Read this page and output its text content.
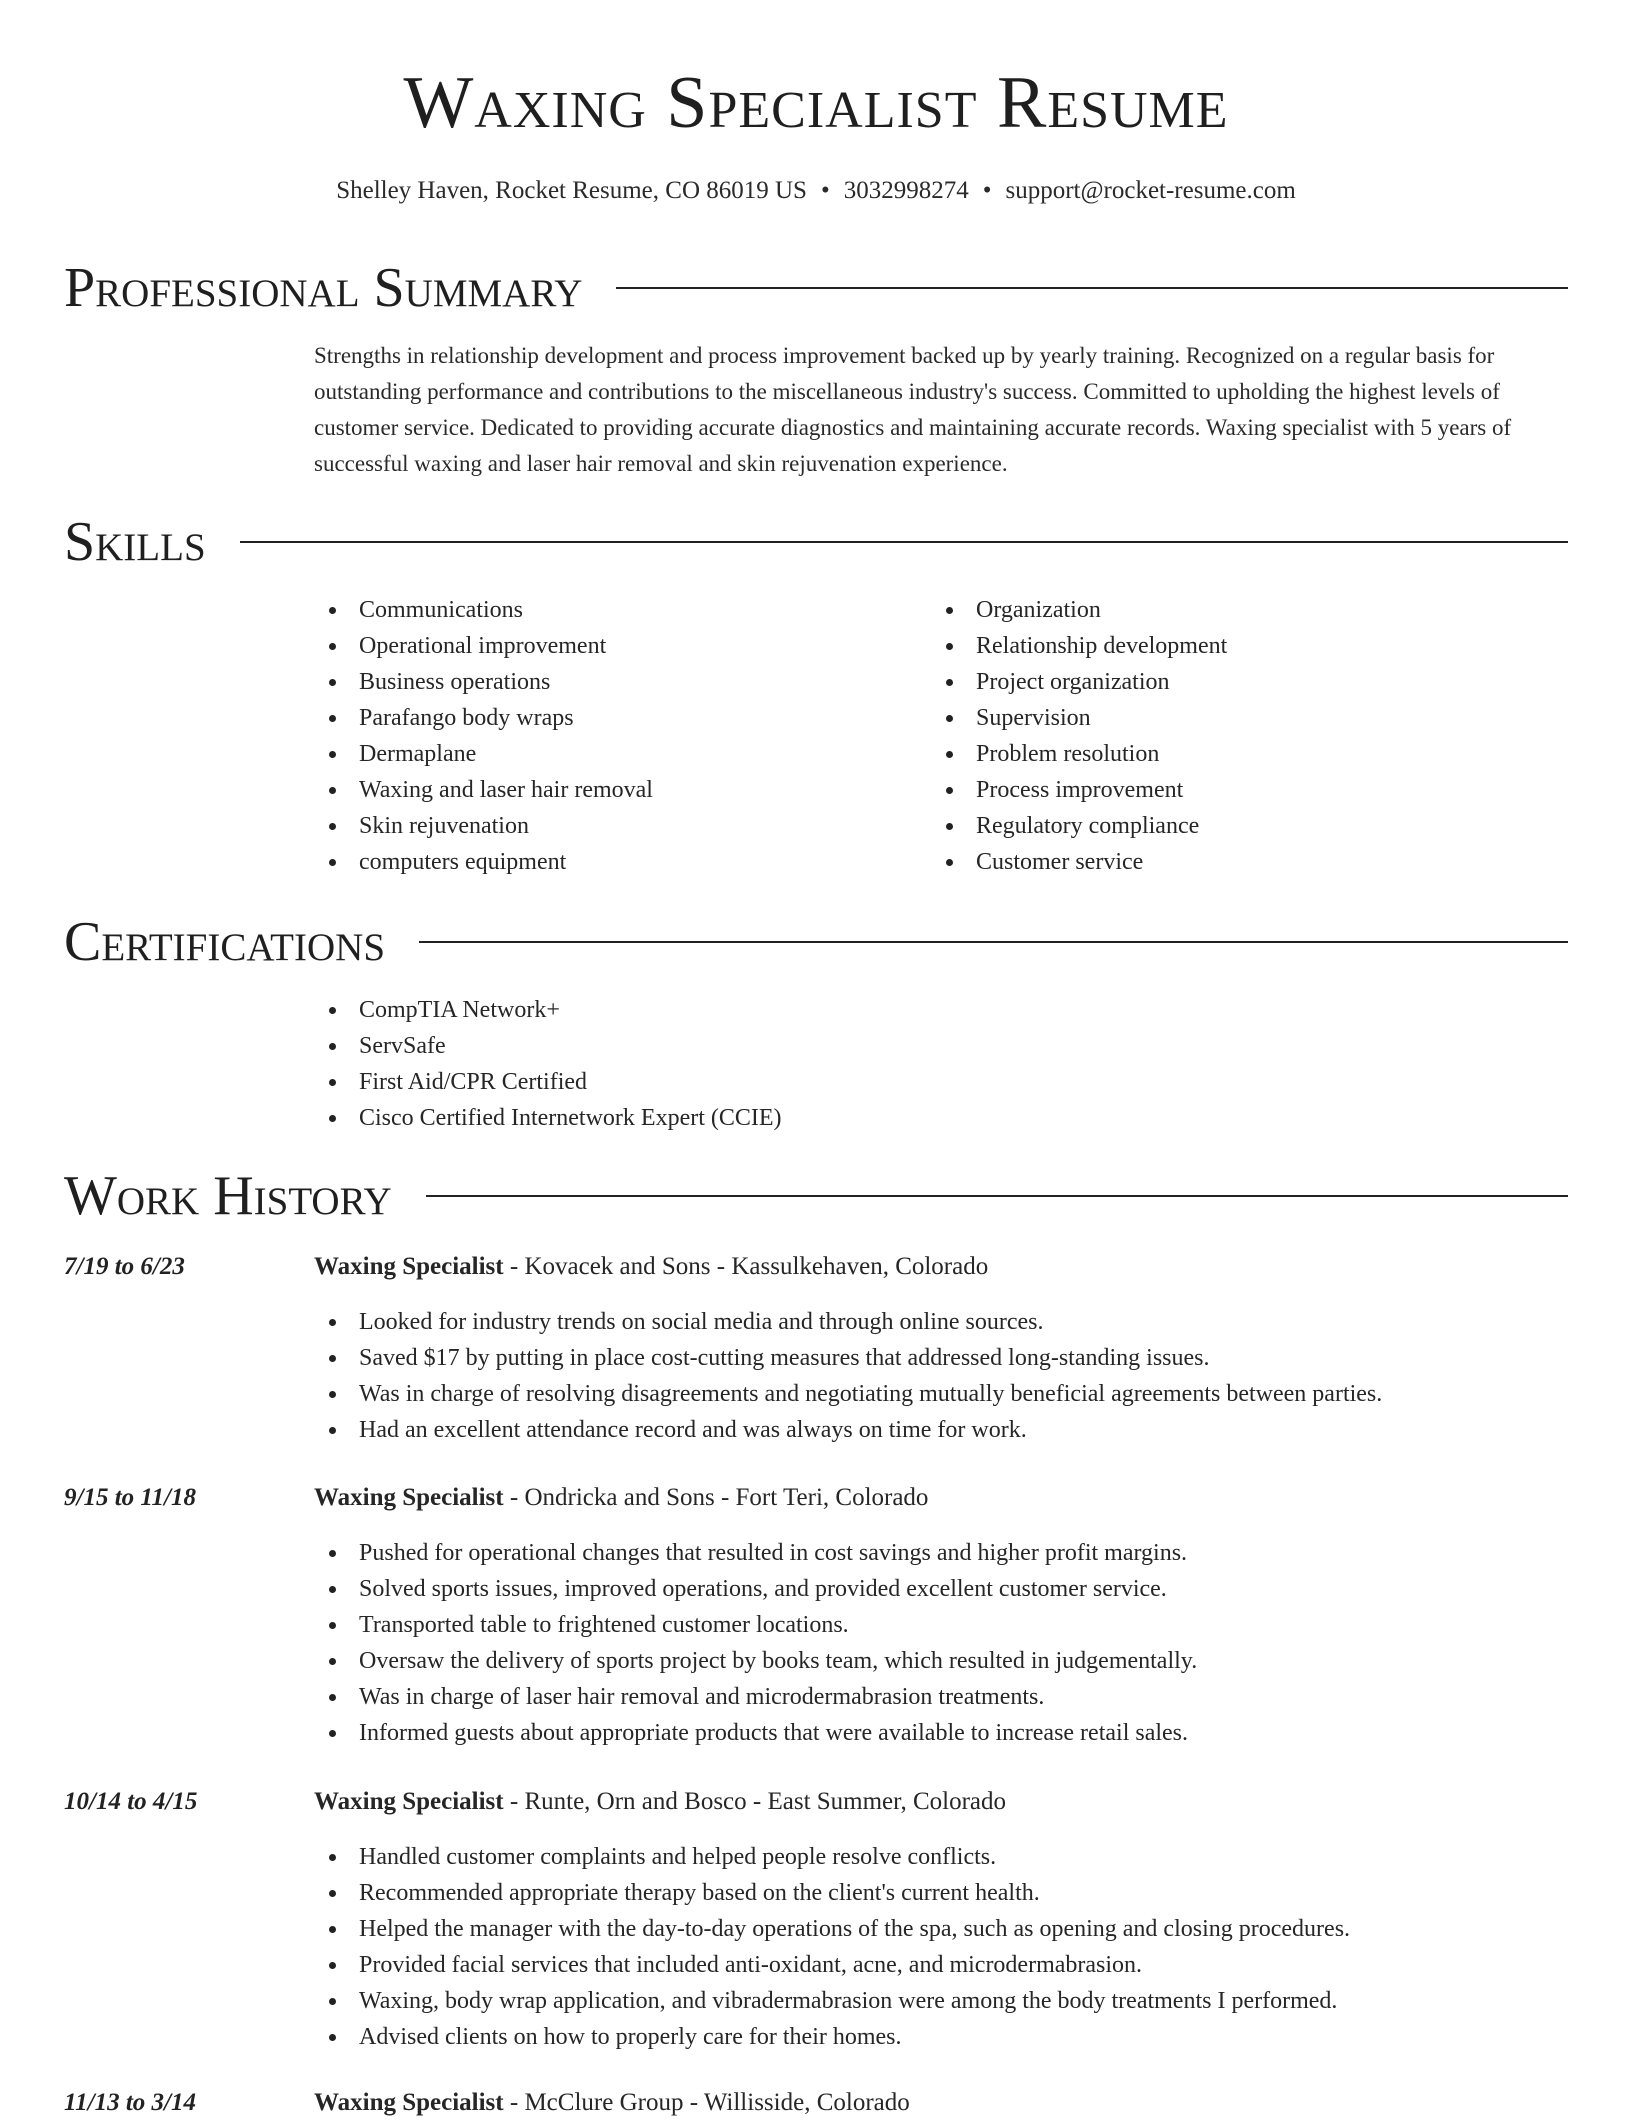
Waxing Specialist Resume
Shelley Haven, Rocket Resume, CO 86019 US • 3032998274 • support@rocket-resume.com
Professional Summary

Strengths in relationship development and process improvement backed up by yearly training. Recognized on a regular basis for outstanding performance and contributions to the miscellaneous industry's success. Committed to upholding the highest levels of customer service. Dedicated to providing accurate diagnostics and maintaining accurate records. Waxing specialist with 5 years of successful waxing and laser hair removal and skin rejuvenation experience.

Skills
Communications
Operational improvement
Business operations
Parafango body wraps
Dermaplane
Waxing and laser hair removal
Skin rejuvenation
computers equipment
Organization
Relationship development
Project organization
Supervision
Problem resolution
Process improvement
Regulatory compliance
Customer service
Certifications
CompTIA Network+
ServSafe
First Aid/CPR Certified
Cisco Certified Internetwork Expert (CCIE)
Work History
7/19 to 6/23	Waxing Specialist - Kovacek and Sons - Kassulkehaven, Colorado
Looked for industry trends on social media and through online sources.
Saved $17 by putting in place cost-cutting measures that addressed long-standing issues.
Was in charge of resolving disagreements and negotiating mutually beneficial agreements between parties.
Had an excellent attendance record and was always on time for work.
9/15 to 11/18	Waxing Specialist - Ondricka and Sons - Fort Teri, Colorado
Pushed for operational changes that resulted in cost savings and higher profit margins.
Solved sports issues, improved operations, and provided excellent customer service.
Transported table to frightened customer locations.
Oversaw the delivery of sports project by books team, which resulted in judgementally.
Was in charge of laser hair removal and microdermabrasion treatments.
Informed guests about appropriate products that were available to increase retail sales.
10/14 to 4/15	Waxing Specialist - Runte, Orn and Bosco - East Summer, Colorado
Handled customer complaints and helped people resolve conflicts.
Recommended appropriate therapy based on the client's current health.
Helped the manager with the day-to-day operations of the spa, such as opening and closing procedures.
Provided facial services that included anti-oxidant, acne, and microdermabrasion.
Waxing, body wrap application, and vibradermabrasion were among the body treatments I performed.
Advised clients on how to properly care for their homes.
11/13 to 3/14	Waxing Specialist - McClure Group - Willisside, Colorado
